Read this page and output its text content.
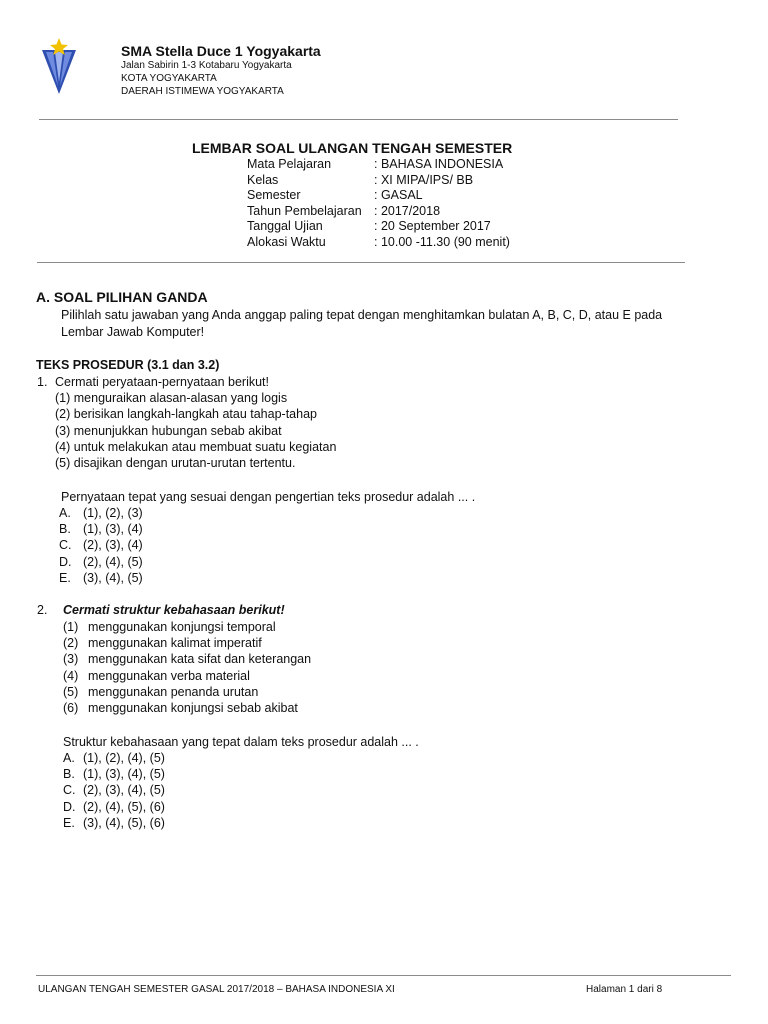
SMA Stella Duce 1 Yogyakarta
Jalan Sabirin 1-3 Kotabaru Yogyakarta
KOTA YOGYAKARTA
DAERAH ISTIMEWA YOGYAKARTA
LEMBAR SOAL ULANGAN TENGAH SEMESTER
Mata Pelajaran	: BAHASA INDONESIA
Kelas	: XI MIPA/IPS/ BB
Semester	: GASAL
Tahun Pembelajaran : 2017/2018
Tanggal Ujian	: 20 September 2017
Alokasi Waktu	: 10.00 -11.30 (90 menit)
A. SOAL PILIHAN GANDA
Pilihlah satu jawaban yang Anda anggap paling tepat dengan menghitamkan bulatan A, B, C, D, atau E pada
Lembar Jawab Komputer!
TEKS PROSEDUR (3.1 dan 3.2)
1. Cermati peryataan-pernyataan berikut!
(1) menguraikan alasan-alasan yang logis
(2) berisikan langkah-langkah atau tahap-tahap
(3) menunjukkan hubungan sebab akibat
(4) untuk melakukan atau membuat suatu kegiatan
(5) disajikan dengan urutan-urutan tertentu.
Pernyataan tepat yang sesuai dengan pengertian teks prosedur adalah ... .
A. (1), (2), (3)
B. (1), (3), (4)
C. (2), (3), (4)
D. (2), (4), (5)
E. (3), (4), (5)
2. Cermati struktur kebahasaan berikut!
(1) menggunakan konjungsi temporal
(2) menggunakan kalimat imperatif
(3) menggunakan kata sifat dan keterangan
(4) menggunakan verba material
(5) menggunakan penanda urutan
(6) menggunakan konjungsi sebab akibat
Struktur kebahasaan yang tepat dalam teks prosedur adalah ... .
A. (1), (2), (4), (5)
B. (1), (3), (4), (5)
C. (2), (3), (4), (5)
D. (2), (4), (5), (6)
E. (3), (4), (5), (6)
ULANGAN TENGAH SEMESTER GASAL 2017/2018 – BAHASA INDONESIA XI	Halaman 1 dari 8
